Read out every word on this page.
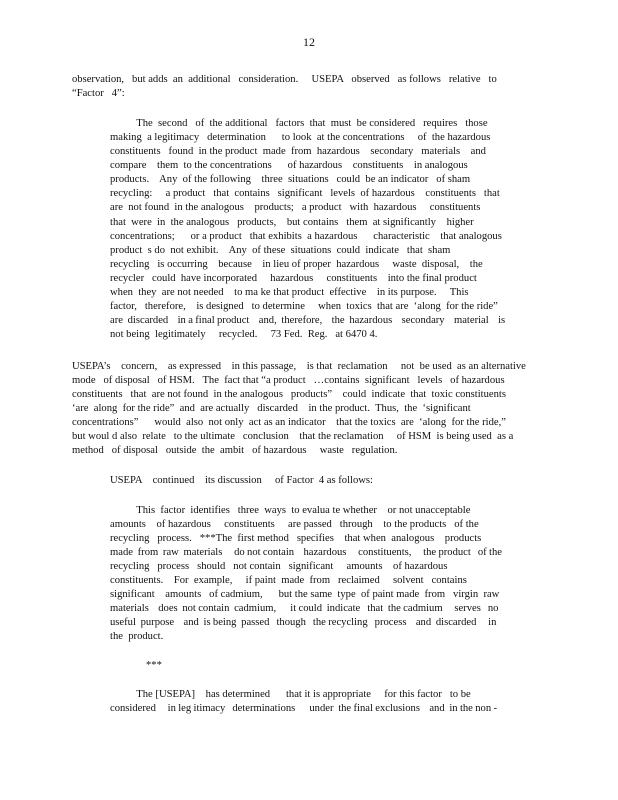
12
observation,   but adds  an  additional   consideration.     USEPA   observed   as follows   relative   to
“Factor   4”:
The  second   of  the additional   factors  that  must  be considered   requires   those
making  a legitimacy   determination      to look  at the concentrations     of  the hazardous
constituents   found  in the product  made  from  hazardous    secondary   materials    and
compare    them  to the concentrations      of hazardous    constituents    in analogous
products.    Any  of the following    three  situations   could  be an indicator   of sham
recycling:     a product   that  contains   significant   levels  of hazardous    constituents   that
are  not found  in the analogous    products;   a product   with  hazardous     constituents
that  were  in  the analogous   products,    but contains   them  at significantly    higher
concentrations;      or a product   that exhibits  a hazardous      characteristic    that analogous
product  s do  not exhibit.    Any  of these  situations  could  indicate   that  sham
recycling   is occurring    because    in lieu of proper  hazardous     waste  disposal,    the
recycler   could  have incorporated     hazardous     constituents    into the final product
when  they  are not needed    to ma ke that product  effective    in its purpose.     This
factor,   therefore,    is designed   to determine     when  toxics  that are  ‘along  for the ride”
are  discarded    in a final product    and,  therefore,    the  hazardous    secondary    material    is
not being  legitimately     recycled.     73 Fed.  Reg.   at 6470 4.
USEPA’s    concern,    as expressed    in this passage,    is that  reclamation     not  be used  as an alternative
mode   of disposal   of HSM.   The  fact that “a product   …contains  significant   levels   of hazardous
constituents   that  are not found  in the analogous   products”    could  indicate  that  toxic constituents
‘are  along  for the ride”  and  are actually   discarded    in the product.  Thus,  the  ‘significant
concentrations”      would  also  not only  act as an indicator    that the toxics  are  ‘along  for the ride,”
but woul d also  relate   to the ultimate   conclusion    that the reclamation     of HSM  is being used  as a
method   of disposal   outside  the  ambit   of hazardous     waste   regulation.
USEPA    continued    its discussion     of Factor  4 as follows:
This  factor  identifies   three  ways  to evalua te whether    or not unacceptable
amounts    of hazardous     constituents     are passed   through    to the products   of the
recycling   process.   ***The  first method   specifies    that when  analogous    products
made  from  raw  materials     do not contain    hazardous     constituents,     the product   of the
recycling   process   should   not contain   significant     amounts    of hazardous
constituents.    For  example,     if paint  made  from   reclaimed     solvent   contains
significant    amounts   of cadmium,      but the same  type  of paint made  from   virgin  raw
materials    does  not contain  cadmium,      it could  indicate   that  the cadmium     serves   no
useful  purpose    and  is being  passed   though   the recycling   process    and  discarded     in
the  product.
***
The [USEPA]    has determined      that it is appropriate     for this factor   to be
considered     in leg itimacy   determinations      under  the final exclusions    and  in the non -
